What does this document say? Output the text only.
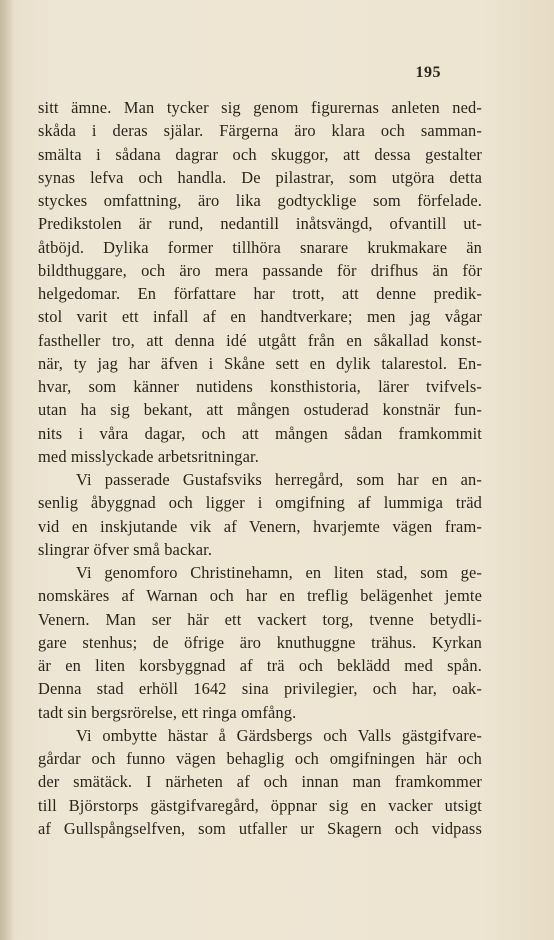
195
sitt ämne. Man tycker sig genom figurernas anleten ned-
skåda i deras själar. Färgerna äro klara och samman-
smälta i sådana dagrar och skuggor, att dessa gestalter
synas lefva och handla. De pilastrar, som utgöra detta
styckes omfattning, äro lika godtycklige som förfelade.
Predikstolen är rund, nedantill inåtsvängd, ofvantill ut-
åtböjd. Dylika former tillhöra snarare krukmakare än
bildthuggare, och äro mera passande för drifhus än för
helgedomar. En författare har trott, att denne predik-
stol varit ett infall af en handtverkare; men jag vågar
fastheller tro, att denna idé utgått från en såkallad konst-
när, ty jag har äfven i Skåne sett en dylik talarestol. En-
hvar, som känner nutidens konsthistoria, lärer tvifvels-
utan ha sig bekant, att mången ostuderad konstnär fun-
nits i våra dagar, och att mången sådan framkommit
med misslyckade arbetsritningar.
Vi passerade Gustafsviks herregård, som har en an-
senlig åbyggnad och ligger i omgifning af lummiga träd
vid en inskjutande vik af Venern, hvarjemte vägen fram-
slingrar öfver små backar.
Vi genomforo Christinehamn, en liten stad, som ge-
nomskäres af Warnan och har en treflig belägenhet jemte
Venern. Man ser här ett vackert torg, tvenne betydli-
gare stenhus; de öfrige äro knuthuggne trähus. Kyrkan
är en liten korsbyggnad af trä och beklädd med spån.
Denna stad erhöll 1642 sina privilegier, och har, oak-
tadt sin bergsrörelse, ett ringa omfång.
Vi ombytte hästar å Gärdsbergs och Valls gästgifvare-
gårdar och funno vägen behaglig och omgifningen här och
der smätäck. I närheten af och innan man framkommer
till Björstorps gästgifvaregård, öppnar sig en vacker utsigt
af Gullspångselfven, som utfaller ur Skagern och vidpass
